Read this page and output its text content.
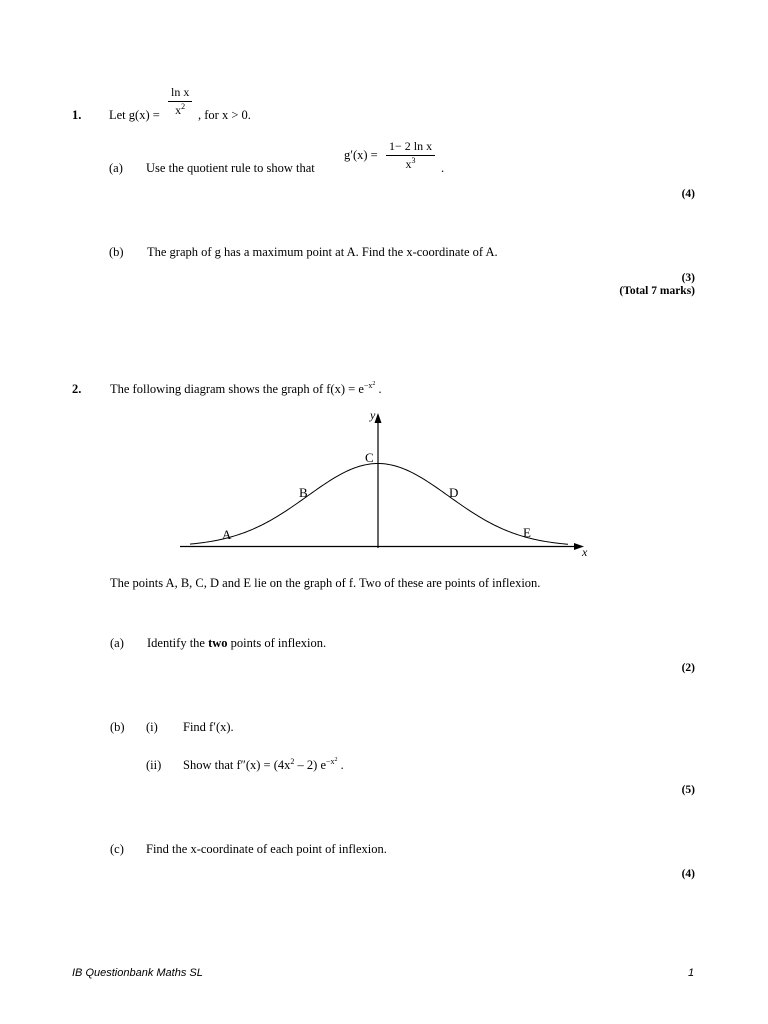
1. Let $g(x) = \frac{\text{ln x}}{x^2}$ , for x > 0.
(a) Use the quotient rule to show that
$g'(x) = \frac{\text{1− 2 ln x}}{x^3}$ .
(4)
(b) The graph of g has a maximum point at A. Find the x-coordinate of A.
(3)
(Total 7 marks)
2. The following diagram shows the graph of $f(x) = e^{-x^2}$ .
x
y
A
B
C
D
E
The points A, B, C, D and E lie on the graph of f. Two of these are points of inflexion.
(a) Identify the two points of inflexion.
(2)
(b) (i) Find f′(x).
(ii) Show that $f''(x) = (4x^2 - 2)$ $e^{-x^2}$ .
(5)
(c) Find the x-coordinate of each point of inflexion.
(4)
IB Questionbank Maths SL	1
